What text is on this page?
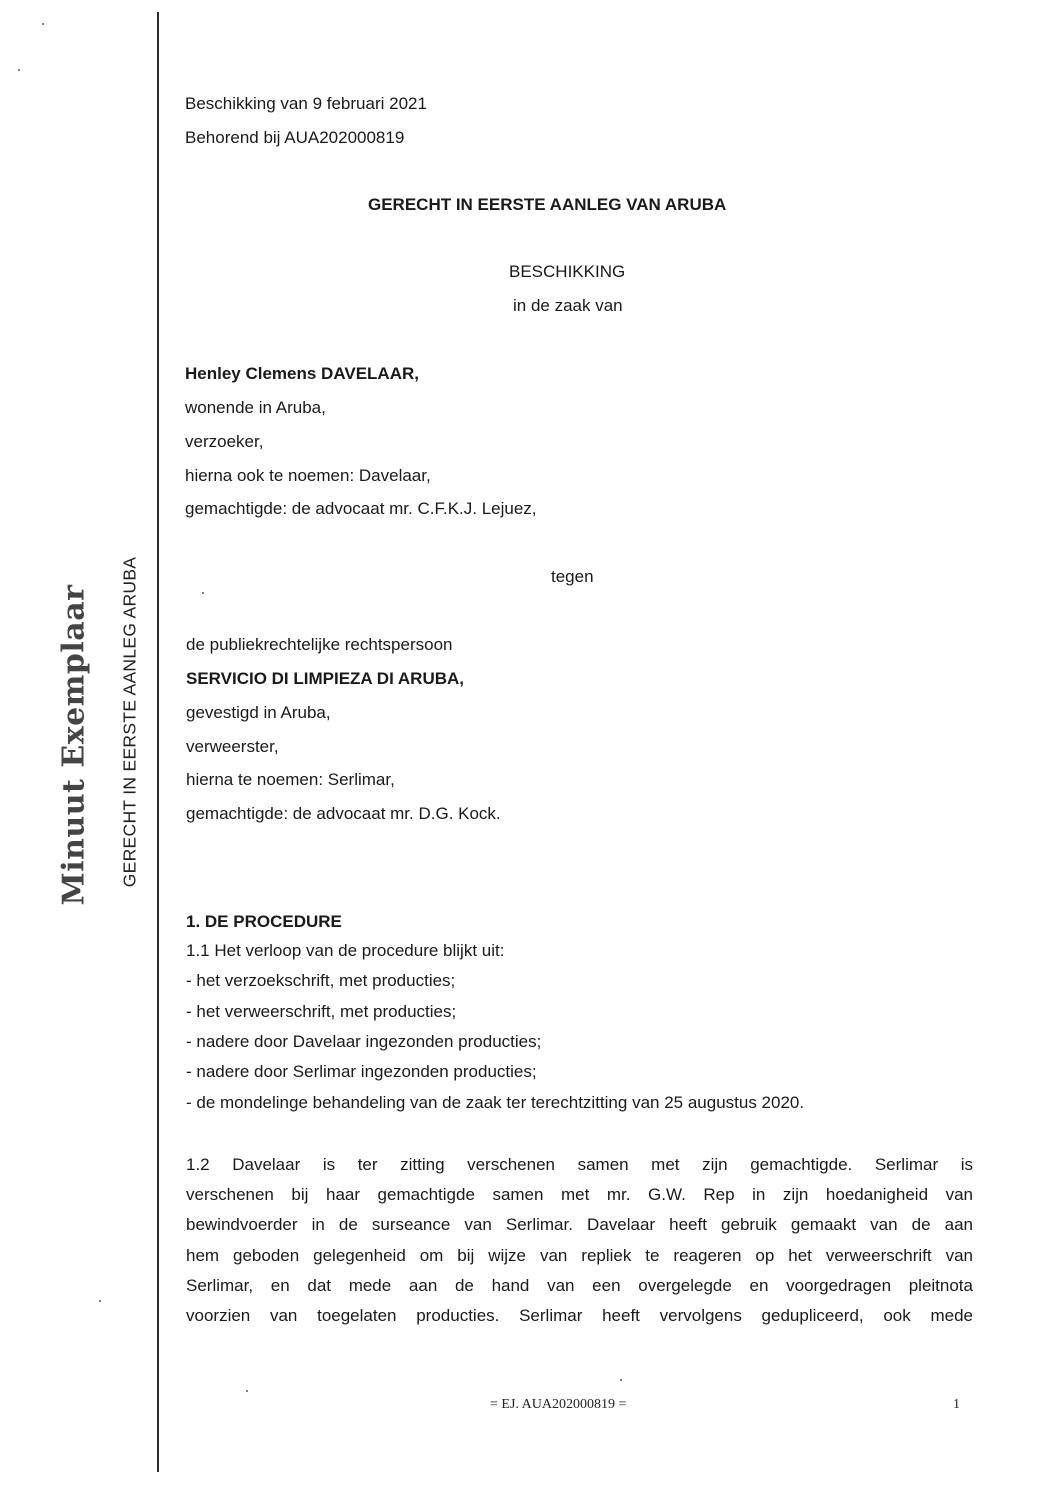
Minuut Exemplaar GERECHT IN EERSTE AANLEG ARUBA
Beschikking van 9 februari 2021
Behorend bij AUA202000819
GERECHT IN EERSTE AANLEG VAN ARUBA
BESCHIKKING
in de zaak van
Henley Clemens DAVELAAR,
wonende in Aruba,
verzoeker,
hierna ook te noemen: Davelaar,
gemachtigde: de advocaat mr. C.F.K.J. Lejuez,
tegen
de publiekrechtelijke rechtspersoon
SERVICIO DI LIMPIEZA DI ARUBA,
gevestigd in Aruba,
verweerster,
hierna te noemen: Serlimar,
gemachtigde: de advocaat mr. D.G. Kock.
1. DE PROCEDURE
1.1 Het verloop van de procedure blijkt uit:
- het verzoekschrift, met producties;
- het verweerschrift, met producties;
- nadere door Davelaar ingezonden producties;
- nadere door Serlimar ingezonden producties;
- de mondelinge behandeling van de zaak ter terechtzitting van 25 augustus 2020.
1.2 Davelaar is ter zitting verschenen samen met zijn gemachtigde. Serlimar is
verschenen bij haar gemachtigde samen met mr. G.W. Rep in zijn hoedanigheid van
bewindvoerder in de surseance van Serlimar. Davelaar heeft gebruik gemaakt van de aan
hem geboden gelegenheid om bij wijze van repliek te reageren op het verweerschrift van
Serlimar, en dat mede aan de hand van een overgelegde en voorgedragen pleitnota
voorzien van toegelaten producties. Serlimar heeft vervolgens gedupliceerd, ook mede
= EJ. AUA202000819 =	1
